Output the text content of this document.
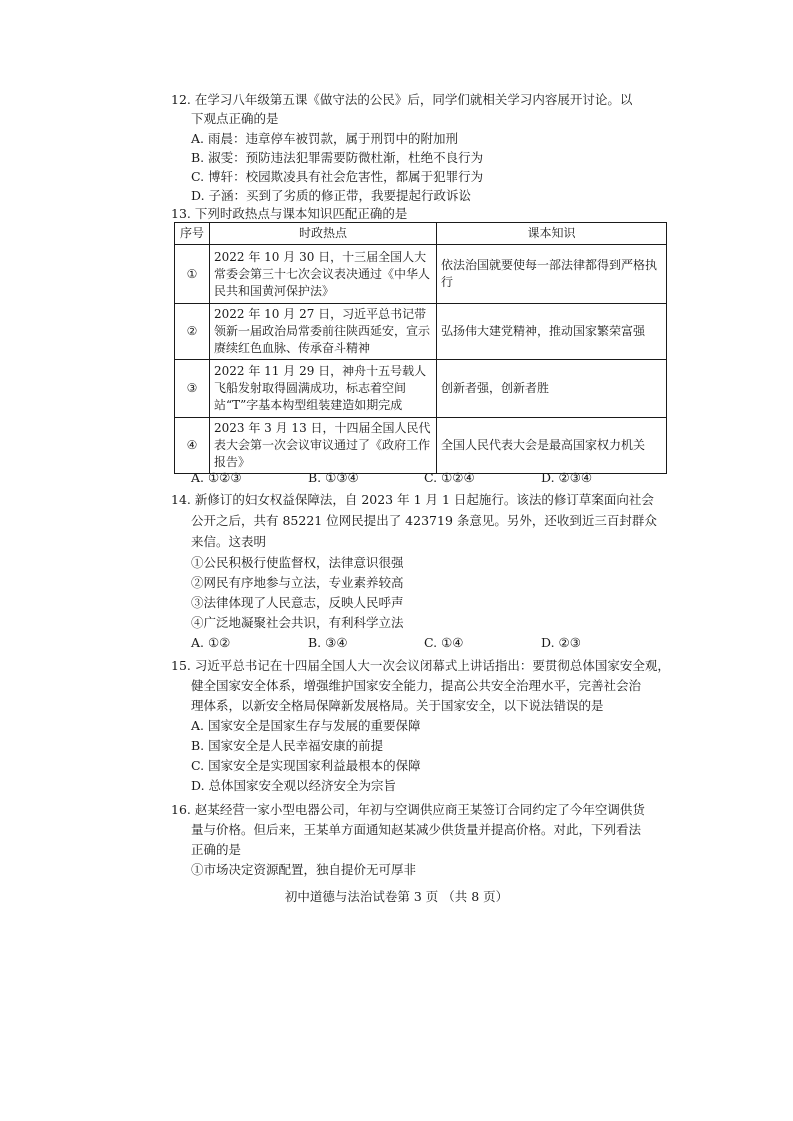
12. 在学习八年级第五课《做守法的公民》后，同学们就相关学习内容展开讨论。以
下观点正确的是
A. 雨晨：违章停车被罚款，属于刑罚中的附加刑
B. 淑雯：预防违法犯罪需要防微杜渐，杜绝不良行为
C. 博轩：校园欺凌具有社会危害性，都属于犯罪行为
D. 子涵：买到了劣质的修正带，我要提起行政诉讼
13. 下列时政热点与课本知识匹配正确的是
序号	时政热点	课本知识
①	2022 年 10 月 30 日，十三届全国人大常委会第三十七次会议表决通过《中华人民共和国黄河保护法》	依法治国就要使每一部法律都得到严格执行
②	2022 年 10 月 27 日，习近平总书记带领新一届政治局常委前往陕西延安，宣示赓续红色血脉、传承奋斗精神	弘扬伟大建党精神，推动国家繁荣富强
③	2022 年 11 月 29 日，神舟十五号载人飞船发射取得圆满成功，标志着空间站“T”字基本构型组装建造如期完成	创新者强，创新者胜
④	2023 年 3 月 13 日，十四届全国人民代表大会第一次会议审议通过了《政府工作报告》	全国人民代表大会是最高国家权力机关
A. ①②③	B. ①③④	C. ①②④	D. ②③④
14. 新修订的妇女权益保障法，自 2023 年 1 月 1 日起施行。该法的修订草案面向社会
公开之后，共有 85221 位网民提出了 423719 条意见。另外，还收到近三百封群众
来信。这表明
①公民积极行使监督权，法律意识很强
②网民有序地参与立法，专业素养较高
③法律体现了人民意志，反映人民呼声
④广泛地凝聚社会共识，有利科学立法
A. ①②	B. ③④	C. ①④	D. ②③
15. 习近平总书记在十四届全国人大一次会议闭幕式上讲话指出：要贯彻总体国家安全观，
健全国家安全体系，增强维护国家安全能力，提高公共安全治理水平，完善社会治
理体系，以新安全格局保障新发展格局。关于国家安全，以下说法错误的是
A. 国家安全是国家生存与发展的重要保障
B. 国家安全是人民幸福安康的前提
C. 国家安全是实现国家利益最根本的保障
D. 总体国家安全观以经济安全为宗旨
16. 赵某经营一家小型电器公司，年初与空调供应商王某签订合同约定了今年空调供货
量与价格。但后来，王某单方面通知赵某减少供货量并提高价格。对此，下列看法
正确的是
①市场决定资源配置，独自提价无可厚非
初中道德与法治试卷第 3 页 （共 8 页）
